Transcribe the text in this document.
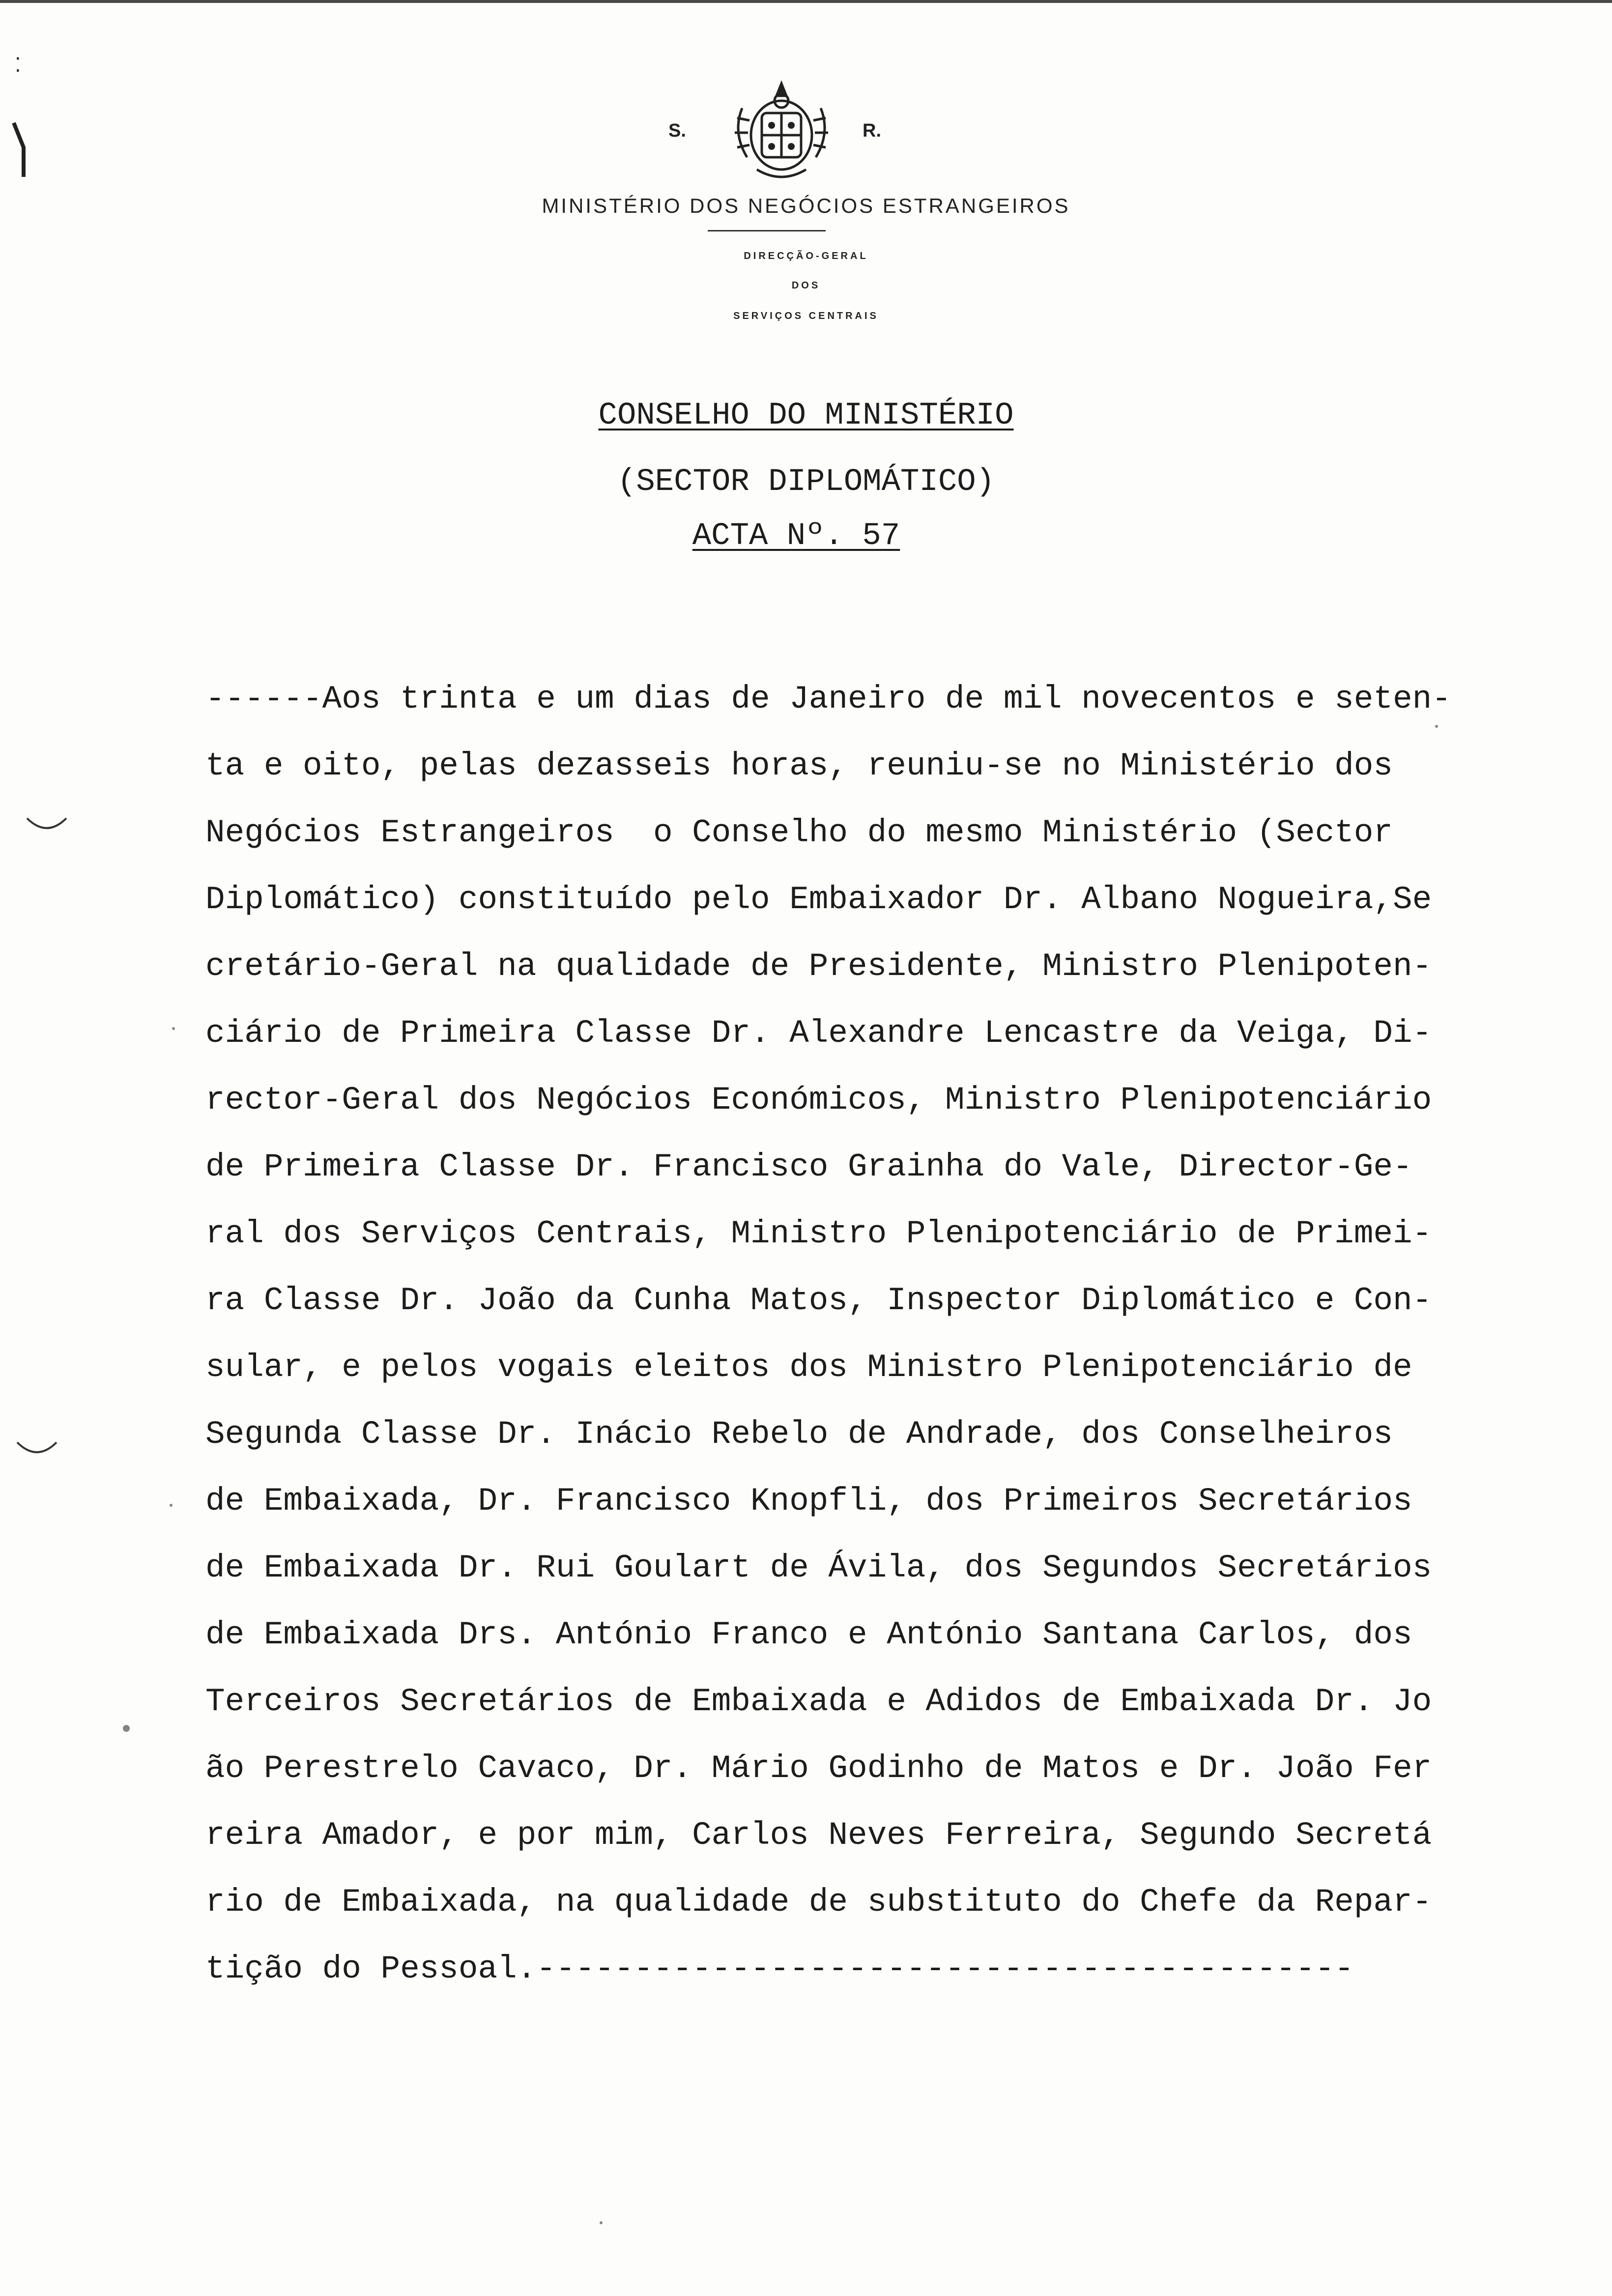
⁚
S.	R.
MINISTÉRIO DOS NEGÓCIOS ESTRANGEIROS
DIRECÇÃO-GERAL
DOS
SERVIÇOS CENTRAIS
CONSELHO DO MINISTÉRIO
(SECTOR DIPLOMÁTICO)
ACTA Nº. 57
------Aos trinta e um dias de Janeiro de mil novecentos e seten-
ta e oito, pelas dezasseis horas, reuniu-se no Ministério dos
Negócios Estrangeiros  o Conselho do mesmo Ministério (Sector
Diplomático) constituído pelo Embaixador Dr. Albano Nogueira,Se
cretário-Geral na qualidade de Presidente, Ministro Plenipoten-
ciário de Primeira Classe Dr. Alexandre Lencastre da Veiga, Di-
rector-Geral dos Negócios Económicos, Ministro Plenipotenciário
de Primeira Classe Dr. Francisco Grainha do Vale, Director-Ge-
ral dos Serviços Centrais, Ministro Plenipotenciário de Primei-
ra Classe Dr. João da Cunha Matos, Inspector Diplomático e Con-
sular, e pelos vogais eleitos dos Ministro Plenipotenciário de
Segunda Classe Dr. Inácio Rebelo de Andrade, dos Conselheiros
de Embaixada, Dr. Francisco Knopfli, dos Primeiros Secretários
de Embaixada Dr. Rui Goulart de Ávila, dos Segundos Secretários
de Embaixada Drs. António Franco e António Santana Carlos, dos
Terceiros Secretários de Embaixada e Adidos de Embaixada Dr. Jo
ão Perestrelo Cavaco, Dr. Mário Godinho de Matos e Dr. João Fer
reira Amador, e por mim, Carlos Neves Ferreira, Segundo Secretá
rio de Embaixada, na qualidade de substituto do Chefe da Repar-
tição do Pessoal.------------------------------------------
